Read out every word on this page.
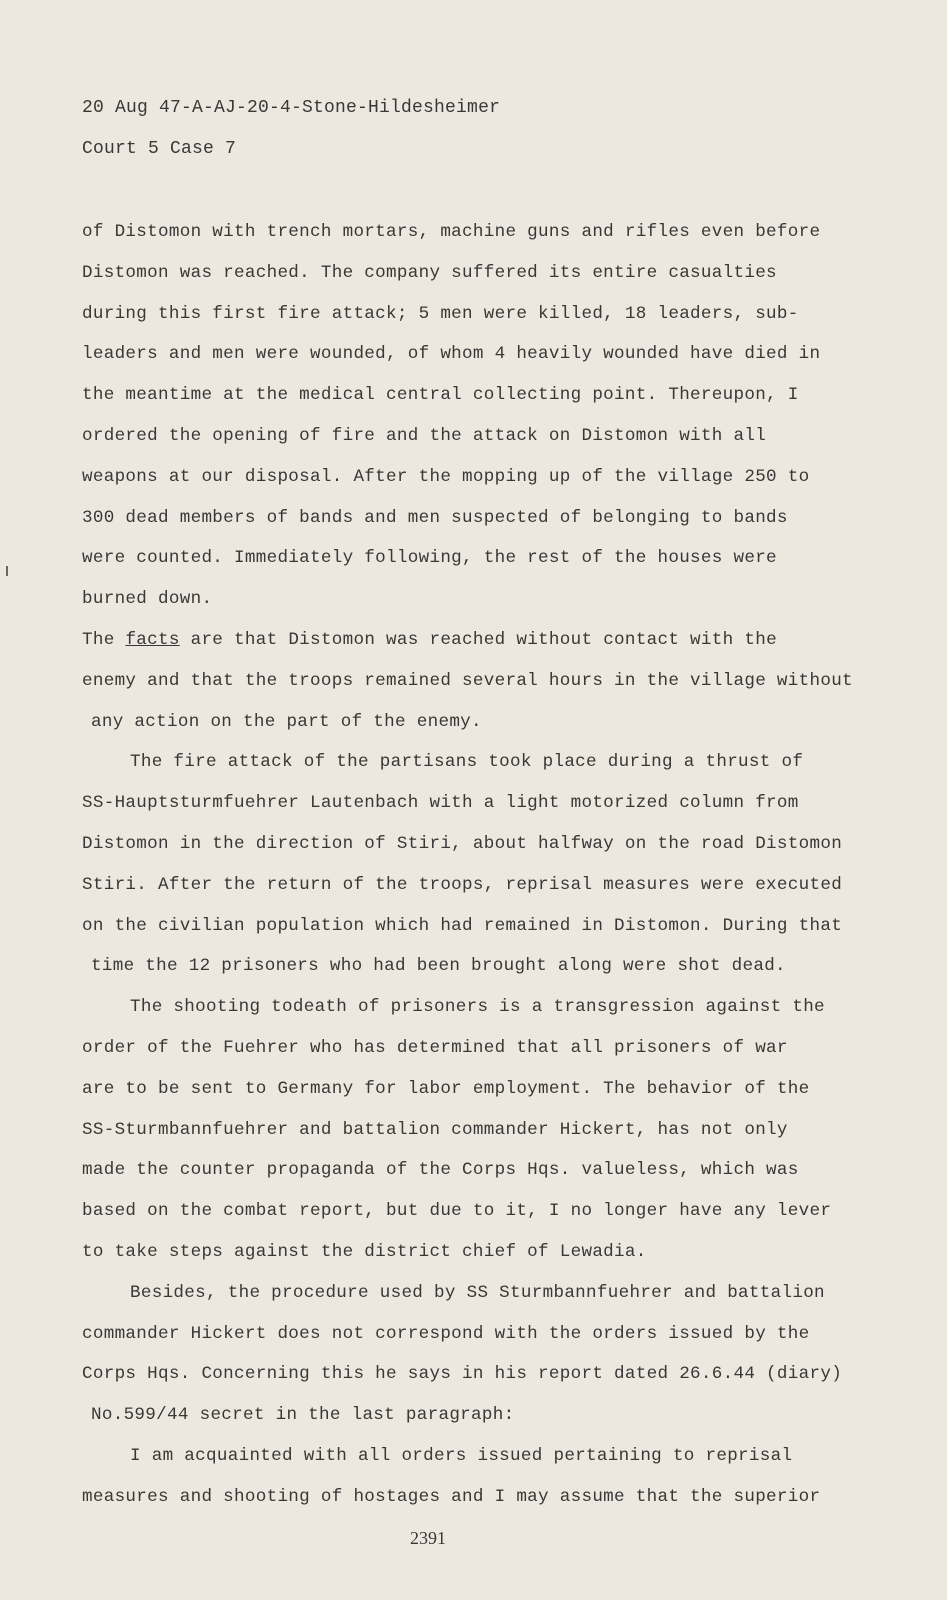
20 Aug 47-A-AJ-20-4-Stone-Hildesheimer
Court 5 Case 7
of Distomon with trench mortars, machine guns and rifles even before
Distomon was reached. The company suffered its entire casualties
during this first fire attack; 5 men were killed, 18 leaders, sub-
leaders and men were wounded, of whom 4 heavily wounded have died in
the meantime at the medical central collecting point. Thereupon, I
ordered the opening of fire and the attack on Distomon with all
weapons at our disposal. After the mopping up of the village 250 to
300 dead members of bands and men suspected of belonging to bands
were counted. Immediately following, the rest of the houses were
burned down.
The facts are that Distomon was reached without contact with the
enemy and that the troops remained several hours in the village without
any action on the part of the enemy.
The fire attack of the partisans took place during a thrust of
SS-Hauptsturmfuehrer Lautenbach with a light motorized column from
Distomon in the direction of Stiri, about halfway on the road Distomon
Stiri. After the return of the troops, reprisal measures were executed
on the civilian population which had remained in Distomon. During that
time the 12 prisoners who had been brought along were shot dead.
The shooting todeath of prisoners is a transgression against the
order of the Fuehrer who has determined that all prisoners of war
are to be sent to Germany for labor employment. The behavior of the
SS-Sturmbannfuehrer and battalion commander Hickert, has not only
made the counter propaganda of the Corps Hqs. valueless, which was
based on the combat report, but due to it, I no longer have any lever
to take steps against the district chief of Lewadia.
Besides, the procedure used by SS Sturmbannfuehrer and battalion
commander Hickert does not correspond with the orders issued by the
Corps Hqs. Concerning this he says in his report dated 26.6.44 (diary)
No.599/44 secret in the last paragraph:
I am acquainted with all orders issued pertaining to reprisal
measures and shooting of hostages and I may assume that the superior
2391
